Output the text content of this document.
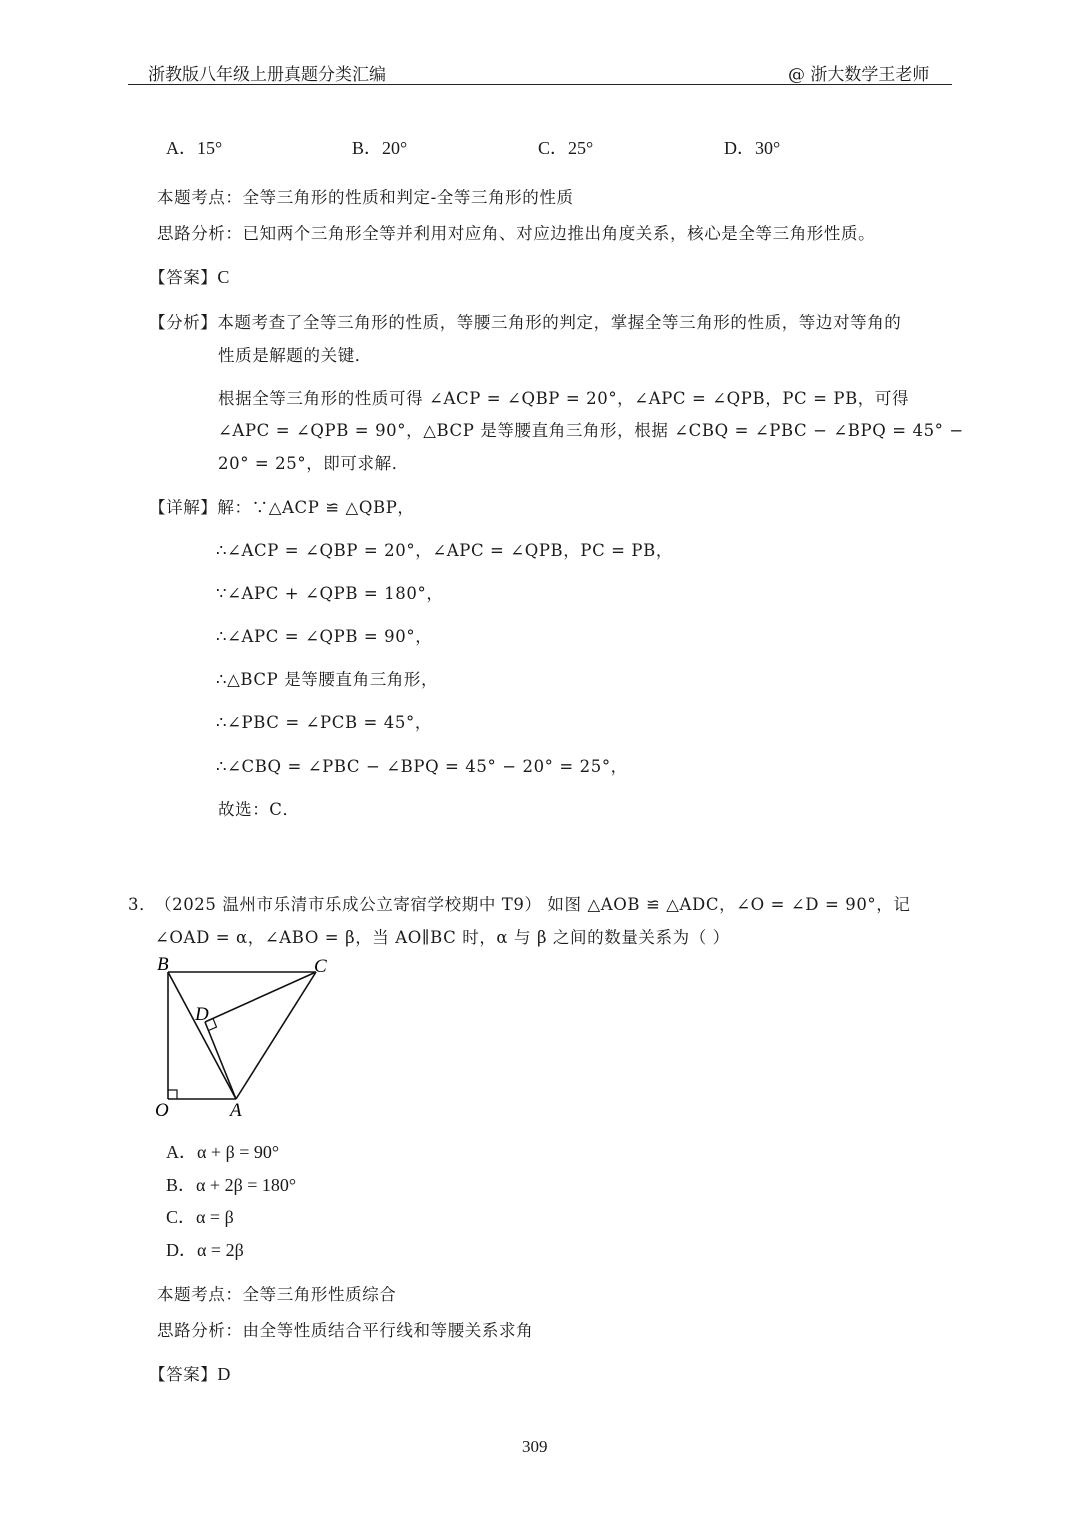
浙教版八年级上册真题分类汇编	@ 浙大数学王老师
A．15°	B．20°	C．25°	D．30°
本题考点：全等三角形的性质和判定-全等三角形的性质
思路分析：已知两个三角形全等并利用对应角、对应边推出角度关系，核心是全等三角形性质。
【答案】C
【分析】本题考查了全等三角形的性质，等腰三角形的判定，掌握全等三角形的性质，等边对等角的
性质是解题的关键．
根据全等三角形的性质可得 ∠ACP = ∠QBP = 20°，∠APC = ∠QPB，PC = PB，可得
∠APC = ∠QPB = 90°，△BCP 是等腰直角三角形，根据 ∠CBQ = ∠PBC − ∠BPQ = 45° −
20° = 25°，即可求解．
【详解】解：∵△ACP ≌ △QBP，
∴∠ACP = ∠QBP = 20°，∠APC = ∠QPB，PC = PB，
∵∠APC + ∠QPB = 180°，
∴∠APC = ∠QPB = 90°，
∴△BCP 是等腰直角三角形，
∴∠PBC = ∠PCB = 45°，
∴∠CBQ = ∠PBC − ∠BPQ = 45° − 20° = 25°，
故选：C．
3．
（2025 温州市乐清市乐成公立寄宿学校期中 T9） 如图 △AOB ≌ △ADC，∠O = ∠D = 90°，记
∠OAD = α，∠ABO = β，当 AO∥BC 时，α 与 β 之间的数量关系为（ ）
B	C
D
O	A
A．α + β = 90°
B．α + 2β = 180°
C．α = β
D．α = 2β
本题考点：全等三角形性质综合
思路分析：由全等性质结合平行线和等腰关系求角
【答案】D
309
